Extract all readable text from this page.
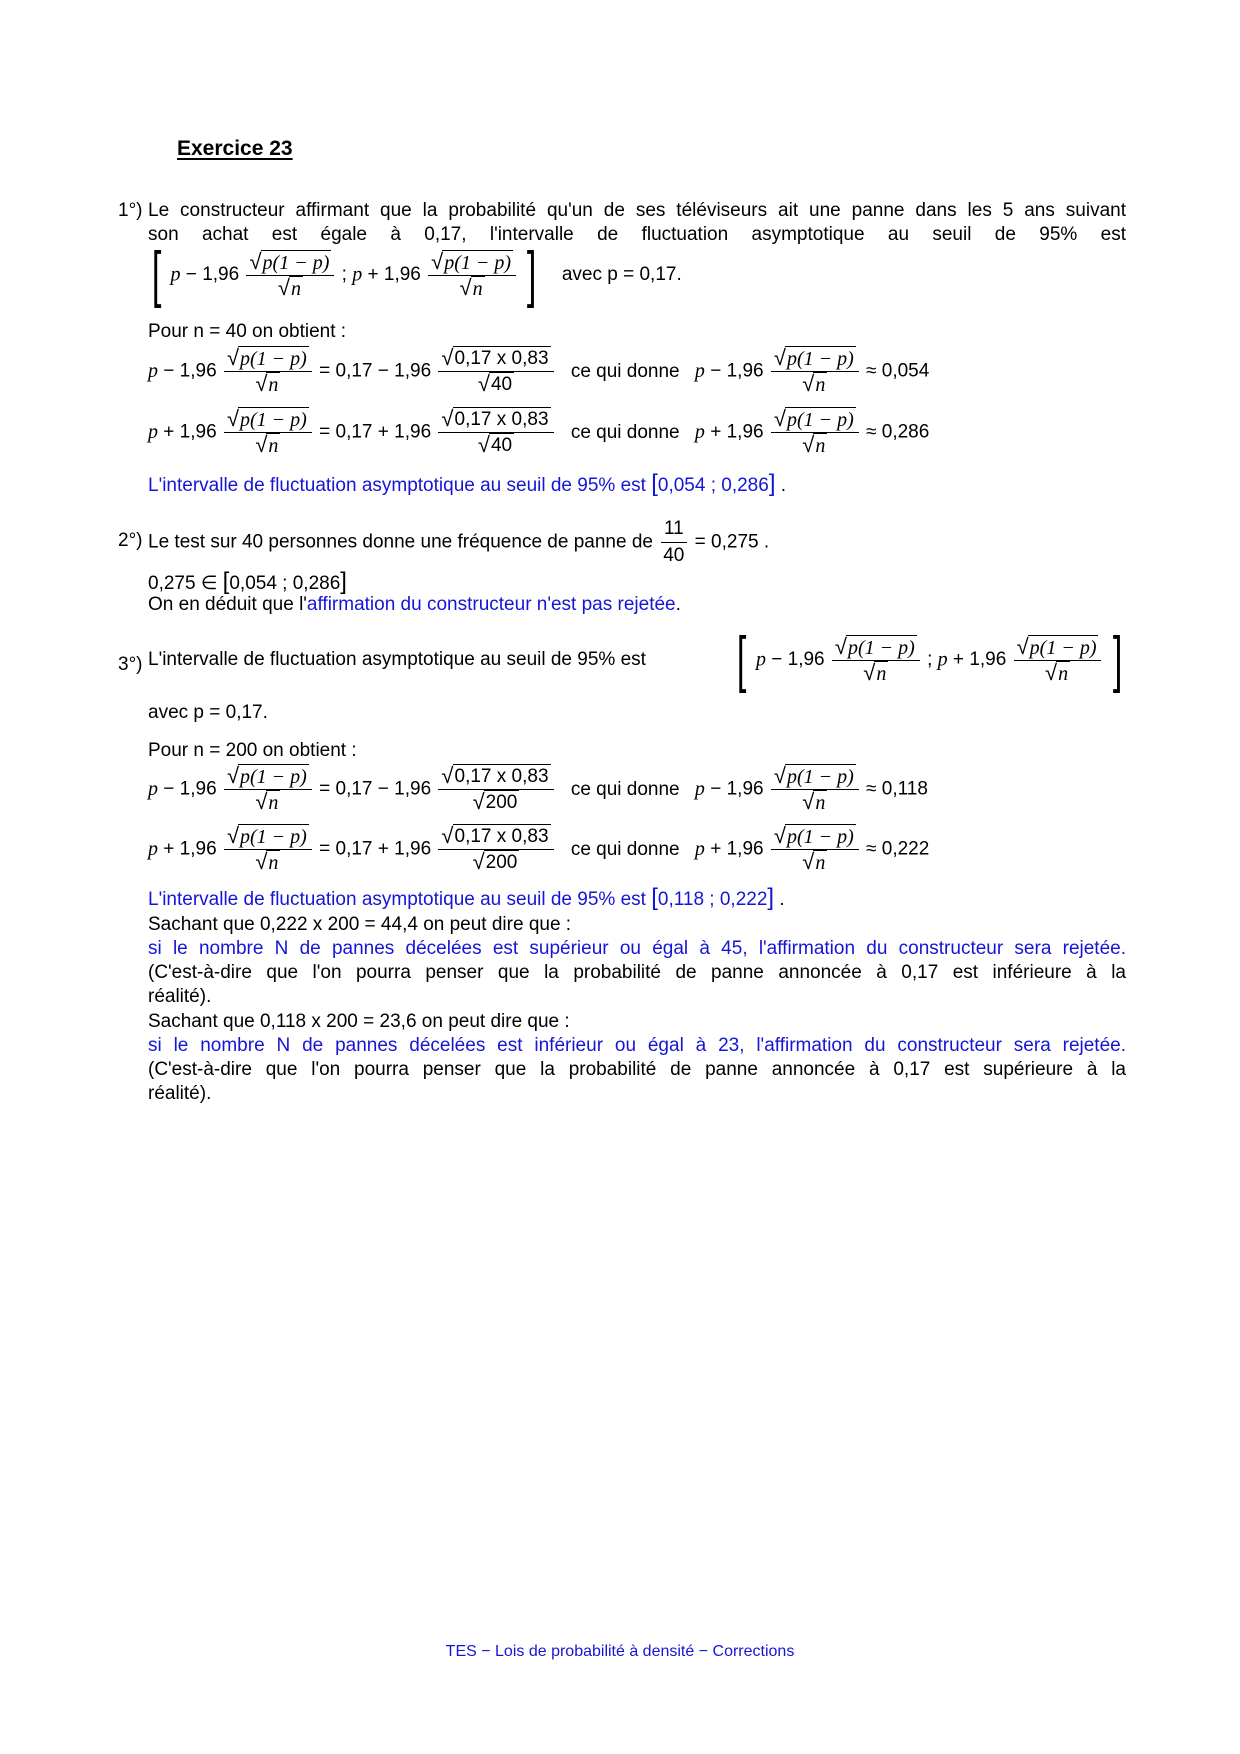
Exercice 23
1°) Le constructeur affirmant que la probabilité qu'un de ses téléviseurs ait une panne dans les 5 ans suivant
son achat est égale à 0,17, l'intervalle de fluctuation asymptotique au seuil de 95% est
[ $p - 1,96 \frac{√ p(1 - p)}{√ n}$ ; $p + 1,96 \frac{√ p(1 - p)}{√ n}$ ] avec p = 0,17.
Pour n = 40 on obtient :
$p - 1,96 \frac{√ p(1 - p)}{√ n} = 0,17 - 1,96 \frac{√ 0,17 x 0,83}{√ 40}$ ce qui donne $p - 1,96 \frac{√ p(1 - p)}{√ n} \approx 0,054$
$p + 1,96 \frac{√ p(1 - p)}{√ n} = 0,17 + 1,96 \frac{√ 0,17 x 0,83}{√ 40}$ ce qui donne $p + 1,96 \frac{√ p(1 - p)}{√ n} \approx 0,286$
L'intervalle de fluctuation asymptotique au seuil de 95% est [0,054 ; 0,286] .
2°) Le test sur 40 personnes donne une fréquence de panne de $\frac{11}{40} = 0,275$ .
0,275 ∈ [0,054 ; 0,286]
On en déduit que l'affirmation du constructeur n'est pas rejetée.
3°) L'intervalle de fluctuation asymptotique au seuil de 95% est [ $p - 1,96 \frac{√ p(1 - p)}{√ n}$ ; $p + 1,96 \frac{√ p(1 - p)}{√ n}$ ]
avec p = 0,17.
Pour n = 200 on obtient :
$p - 1,96 \frac{√ p(1 - p)}{√ n} = 0,17 - 1,96 \frac{√ 0,17 x 0,83}{√ 200}$ ce qui donne $p - 1,96 \frac{√ p(1 - p)}{√ n} \approx 0,118$
$p + 1,96 \frac{√ p(1 - p)}{√ n} = 0,17 + 1,96 \frac{√ 0,17 x 0,83}{√ 200}$ ce qui donne $p + 1,96 \frac{√ p(1 - p)}{√ n} \approx 0,222$
L'intervalle de fluctuation asymptotique au seuil de 95% est [0,118 ; 0,222] .
Sachant que 0,222 x 200 = 44,4 on peut dire que :
si le nombre N de pannes décelées est supérieur ou égal à 45, l'affirmation du constructeur sera rejetée.
(C'est-à-dire que l'on pourra penser que la probabilité de panne annoncée à 0,17 est inférieure à la
réalité).
Sachant que 0,118 x 200 = 23,6 on peut dire que :
si le nombre N de pannes décelées est inférieur ou égal à 23, l'affirmation du constructeur sera rejetée.
(C'est-à-dire que l'on pourra penser que la probabilité de panne annoncée à 0,17 est supérieure à la
réalité).
TES − Lois de probabilité à densité − Corrections
